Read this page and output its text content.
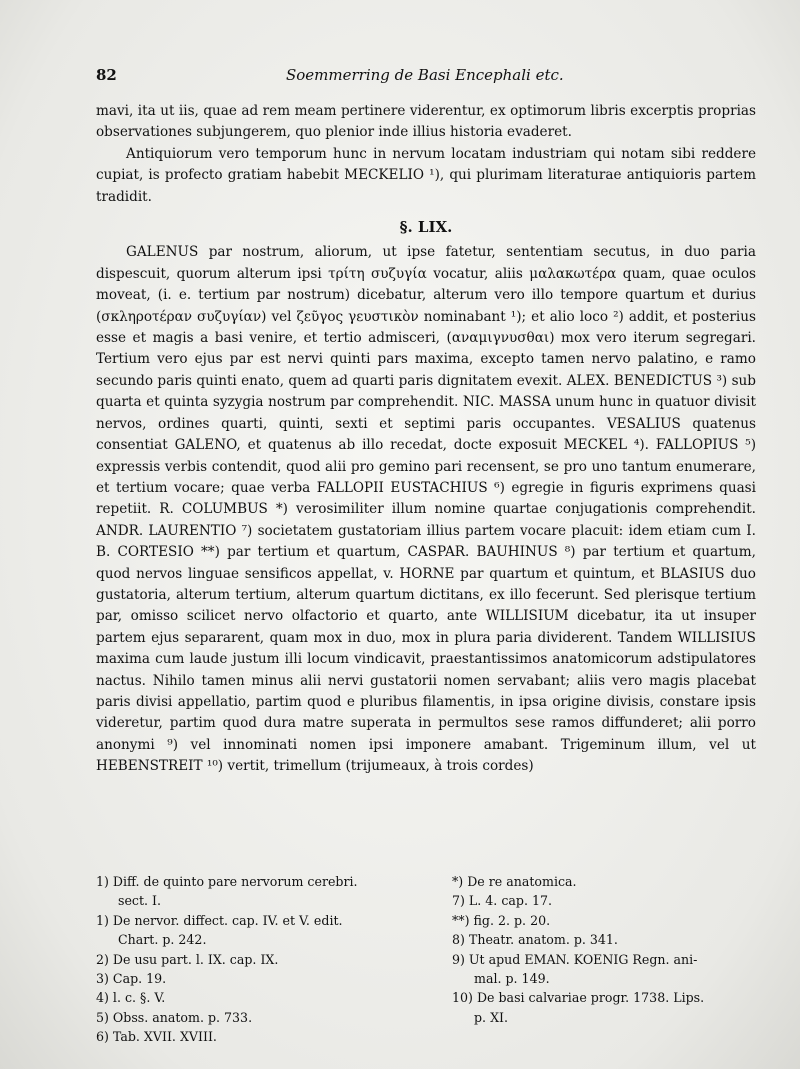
82	Soemmerring de Basi Encephali etc.

mavi, ita ut iis, quae ad rem meam pertinere viderentur, ex optimorum libris excerptis proprias observationes subjungerem, quo plenior inde illius historia evaderet.

Antiquiorum vero temporum hunc in nervum locatam industriam qui notam sibi reddere cupiat, is profecto gratiam habebit MECKELIO ¹), qui plurimam literaturae antiquioris partem tradidit.

§. LIX.

GALENUS par nostrum, aliorum, ut ipse fatetur, sententiam secutus, in duo paria dispescuit, quorum alterum ipsi τρίτη συζυγία vocatur, aliis μαλακωτέρα quam, quae oculos moveat, (i. e. tertium par nostrum) dicebatur, alterum vero illo tempore quartum et durius (σκληροτέραν συζυγίαν) vel ζεῦγος γευστικὸν nominabant ¹); et alio loco ²) addit, et posterius esse et magis a basi venire, et tertio admisceri, (αναμιγνυσθαι) mox vero iterum segregari. Tertium vero ejus par est nervi quinti pars maxima, excepto tamen nervo palatino, e ramo secundo paris quinti enato, quem ad quarti paris dignitatem evexit. ALEX. BENEDICTUS ³) sub quarta et quinta syzygia nostrum par comprehendit. NIC. MASSA unum hunc in quatuor divisit nervos, ordines quarti, quinti, sexti et septimi paris occupantes. VESALIUS quatenus consentiat GALENO, et quatenus ab illo recedat, docte exposuit MECKEL ⁴). FALLOPIUS ⁵) expressis verbis contendit, quod alii pro gemino pari recensent, se pro uno tantum enumerare, et tertium vocare; quae verba FALLOPII EUSTACHIUS ⁶) egregie in figuris exprimens quasi repetiit. R. COLUMBUS *) verosimiliter illum nomine quartae conjugationis comprehendit. ANDR. LAURENTIO ⁷) societatem gustatoriam illius partem vocare placuit: idem etiam cum I. B. CORTESIO **) par tertium et quartum, CASPAR. BAUHINUS ⁸) par tertium et quartum, quod nervos linguae sensificos appellat, v. HORNE par quartum et quintum, et BLASIUS duo gustatoria, alterum tertium, alterum quartum dictitans, ex illo fecerunt. Sed plerisque tertium par, omisso scilicet nervo olfactorio et quarto, ante WILLISIUM dicebatur, ita ut insuper partem ejus separarent, quam mox in duo, mox in plura paria dividerent. Tandem WILLISIUS maxima cum laude justum illi locum vindicavit, praestantissimos anatomicorum adstipulatores nactus. Nihilo tamen minus alii nervi gustatorii nomen servabant; aliis vero magis placebat paris divisi appellatio, partim quod e pluribus filamentis, in ipsa origine divisis, constare ipsis videretur, partim quod dura matre superata in permultos sese ramos diffunderet; alii porro anonymi ⁹) vel innominati nomen ipsi imponere amabant. Trigeminum illum, vel ut HEBENSTREIT ¹⁰) vertit, trimellum (trijumeaux, à trois cordes)

1) Diff. de quinto pare nervorum cerebri.
sect. I.

1) De nervor. diffect. cap. IV. et V. edit.
Chart. p. 242.

2) De usu part. l. IX. cap. IX.

3) Cap. 19.

4) l. c. §. V.

5) Obss. anatom. p. 733.

6) Tab. XVII. XVIII.

*) De re anatomica.

7) L. 4. cap. 17.

**) fig. 2. p. 20.

8) Theatr. anatom. p. 341.

9) Ut apud EMAN. KOENIG Regn. ani-
mal. p. 149.

10) De basi calvariae progr. 1738. Lips.
p. XI.
